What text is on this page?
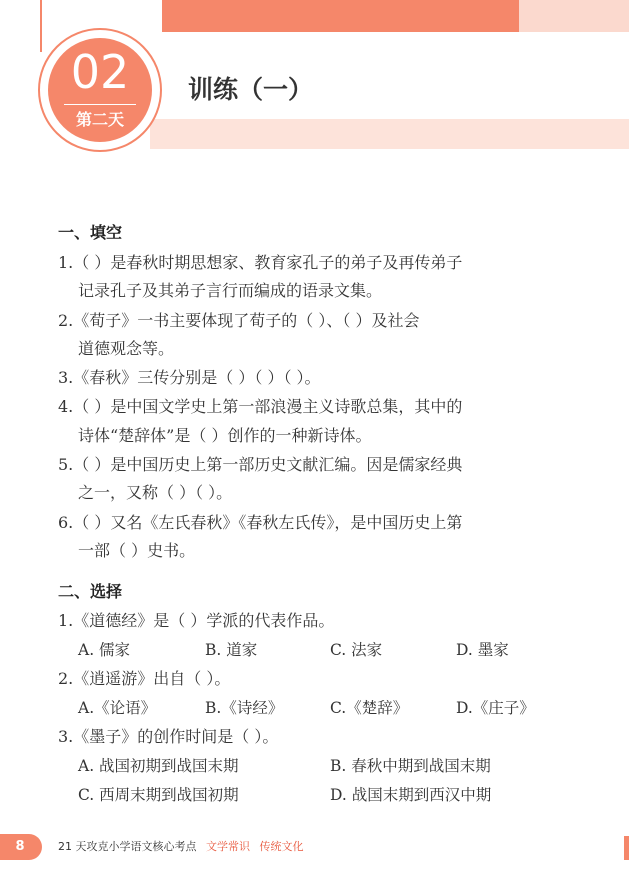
02
第二天
训练（一）
一、填空
1.（ ）是春秋时期思想家、教育家孔子的弟子及再传弟子
记录孔子及其弟子言行而编成的语录文集。
2.《荀子》一书主要体现了荀子的（ ）、（ ）及社会
道德观念等。
3.《春秋》三传分别是（ ）（ ）（ ）。
4.（ ）是中国文学史上第一部浪漫主义诗歌总集，其中的
诗体“楚辞体”是（ ）创作的一种新诗体。
5.（ ）是中国历史上第一部历史文献汇编。因是儒家经典
之一，又称（ ）（ ）。
6.（ ）又名《左氏春秋》《春秋左氏传》，是中国历史上第
一部（ ）史书。
二、选择
1.《道德经》是（ ）学派的代表作品。
A. 儒家	B. 道家	C. 法家	D. 墨家
2.《逍遥游》出自（ ）。
A.《论语》	B.《诗经》	C.《楚辞》	D.《庄子》
3.《墨子》的创作时间是（ ）。
A. 战国初期到战国末期	B. 春秋中期到战国末期
C. 西周末期到战国初期	D. 战国末期到西汉中期
8	21 天攻克小学语文核心考点 文学常识 传统文化
